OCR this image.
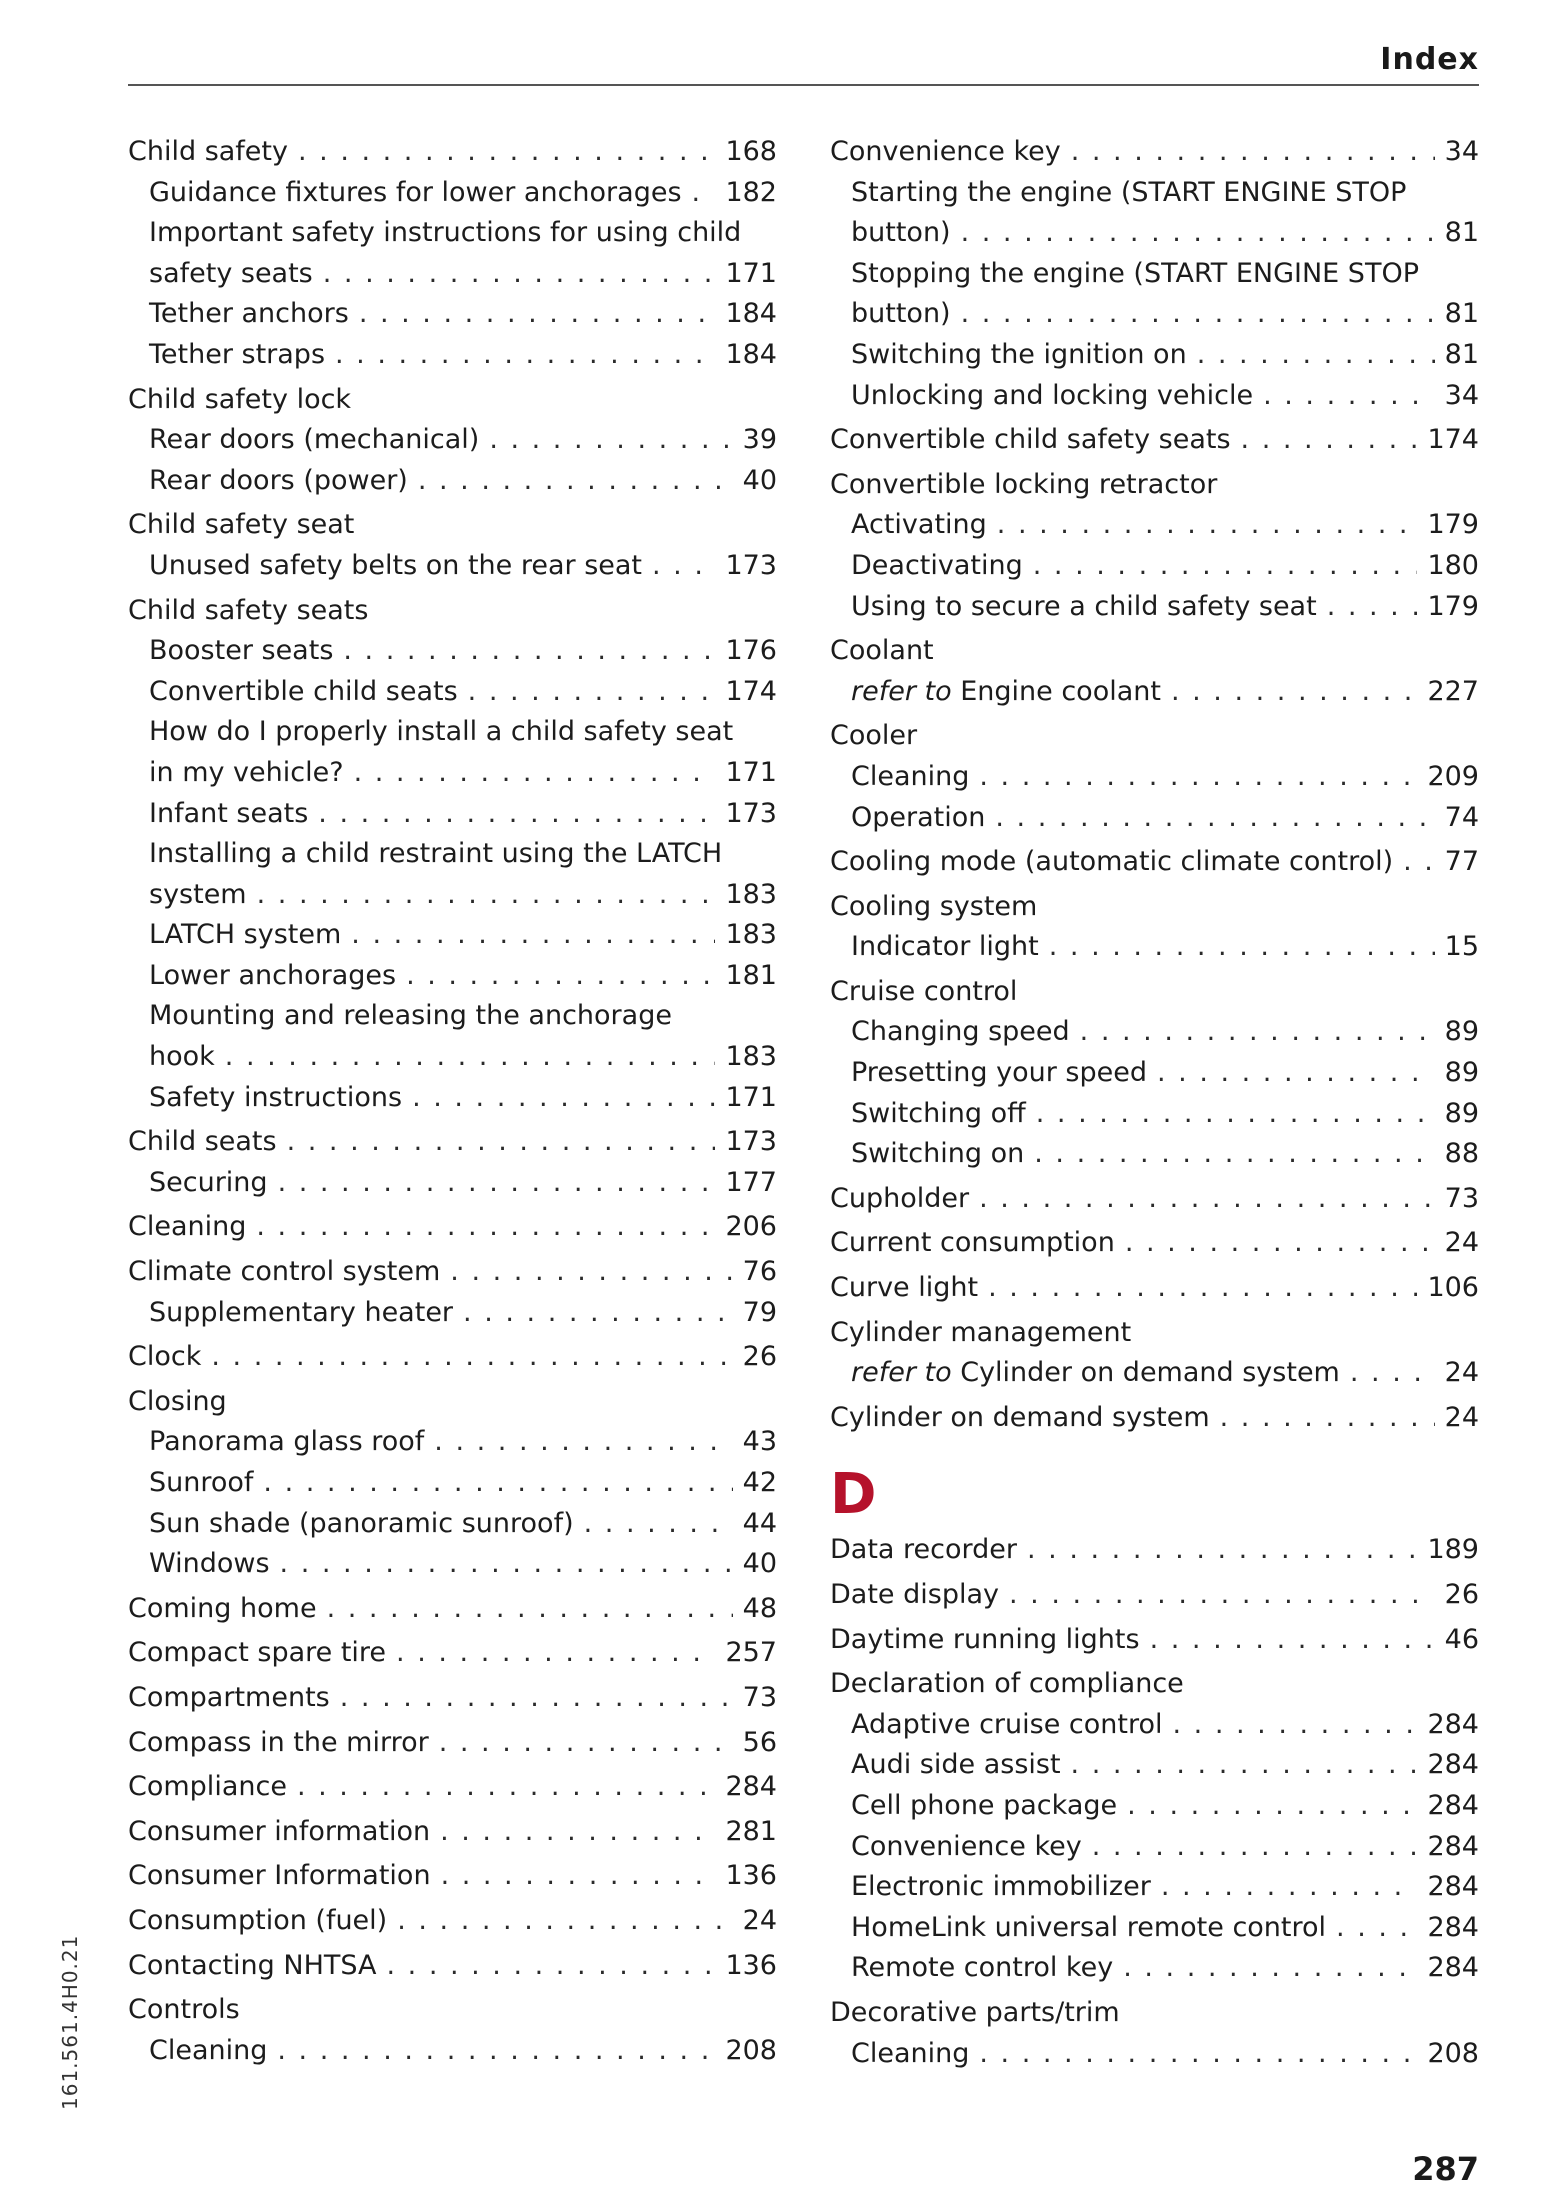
Index
Child safety . . .	168
Guidance fixtures for lower anchorages . . . 182
Important safety instructions for using child
safety seats . . .	171
Tether anchors . . .	184
Tether straps . . .	184
Child safety lock
Rear doors (mechanical) . . .	39
Rear doors (power) . . .	40
Child safety seat
Unused safety belts on the rear seat . . .	173
Child safety seats
Booster seats . . .	176
Convertible child seats . . .	174
How do I properly install a child safety seat
in my vehicle? . . .	171
Infant seats . . .	173
Installing a child restraint using the LATCH
system . . .	183
LATCH system . . .	183
Lower anchorages . . .	181
Mounting and releasing the anchorage
hook . . .	183
Safety instructions . . .	171
Child seats . . .	173
Securing . . .	177
Cleaning . . .	206
Climate control system . . .	76
Supplementary heater . . .	79
Clock . . .	26
Closing
Panorama glass roof . . .	43
Sunroof . . .	42
Sun shade (panoramic sunroof) . . .	44
Windows . . .	40
Coming home . . .	48
Compact spare tire . . .	257
Compartments . . .	73
Compass in the mirror . . .	56
Compliance . . .	284
Consumer information . . .	281
Consumer Information . . .	136
Consumption (fuel) . . .	24
Contacting NHTSA . . .	136
Controls
Cleaning . . .	208
Convenience key . . .	34
Starting the engine (START ENGINE STOP
button) . . .	81
Stopping the engine (START ENGINE STOP
button) . . .	81
Switching the ignition on . . .	81
Unlocking and locking vehicle . . .	34
Convertible child safety seats . . .	174
Convertible locking retractor
Activating . . .	179
Deactivating . . .	180
Using to secure a child safety seat . . .	179
Coolant
refer to Engine coolant . . .	227
Cooler
Cleaning . . .	209
Operation . . .	74
Cooling mode (automatic climate control) . . . 77
Cooling system
Indicator light . . .	15
Cruise control
Changing speed . . .	89
Presetting your speed . . .	89
Switching off . . .	89
Switching on . . .	88
Cupholder . . .	73
Current consumption . . .	24
Curve light . . .	106
Cylinder management
refer to Cylinder on demand system . . .	24
Cylinder on demand system . . .	24
D
Data recorder . . .	189
Date display . . .	26
Daytime running lights . . .	46
Declaration of compliance
Adaptive cruise control . . .	284
Audi side assist . . .	284
Cell phone package . . .	284
Convenience key . . .	284
Electronic immobilizer . . .	284
HomeLink universal remote control . . .	284
Remote control key . . .	284
Decorative parts/trim
Cleaning . . .	208
161.561.4H0.21
287
